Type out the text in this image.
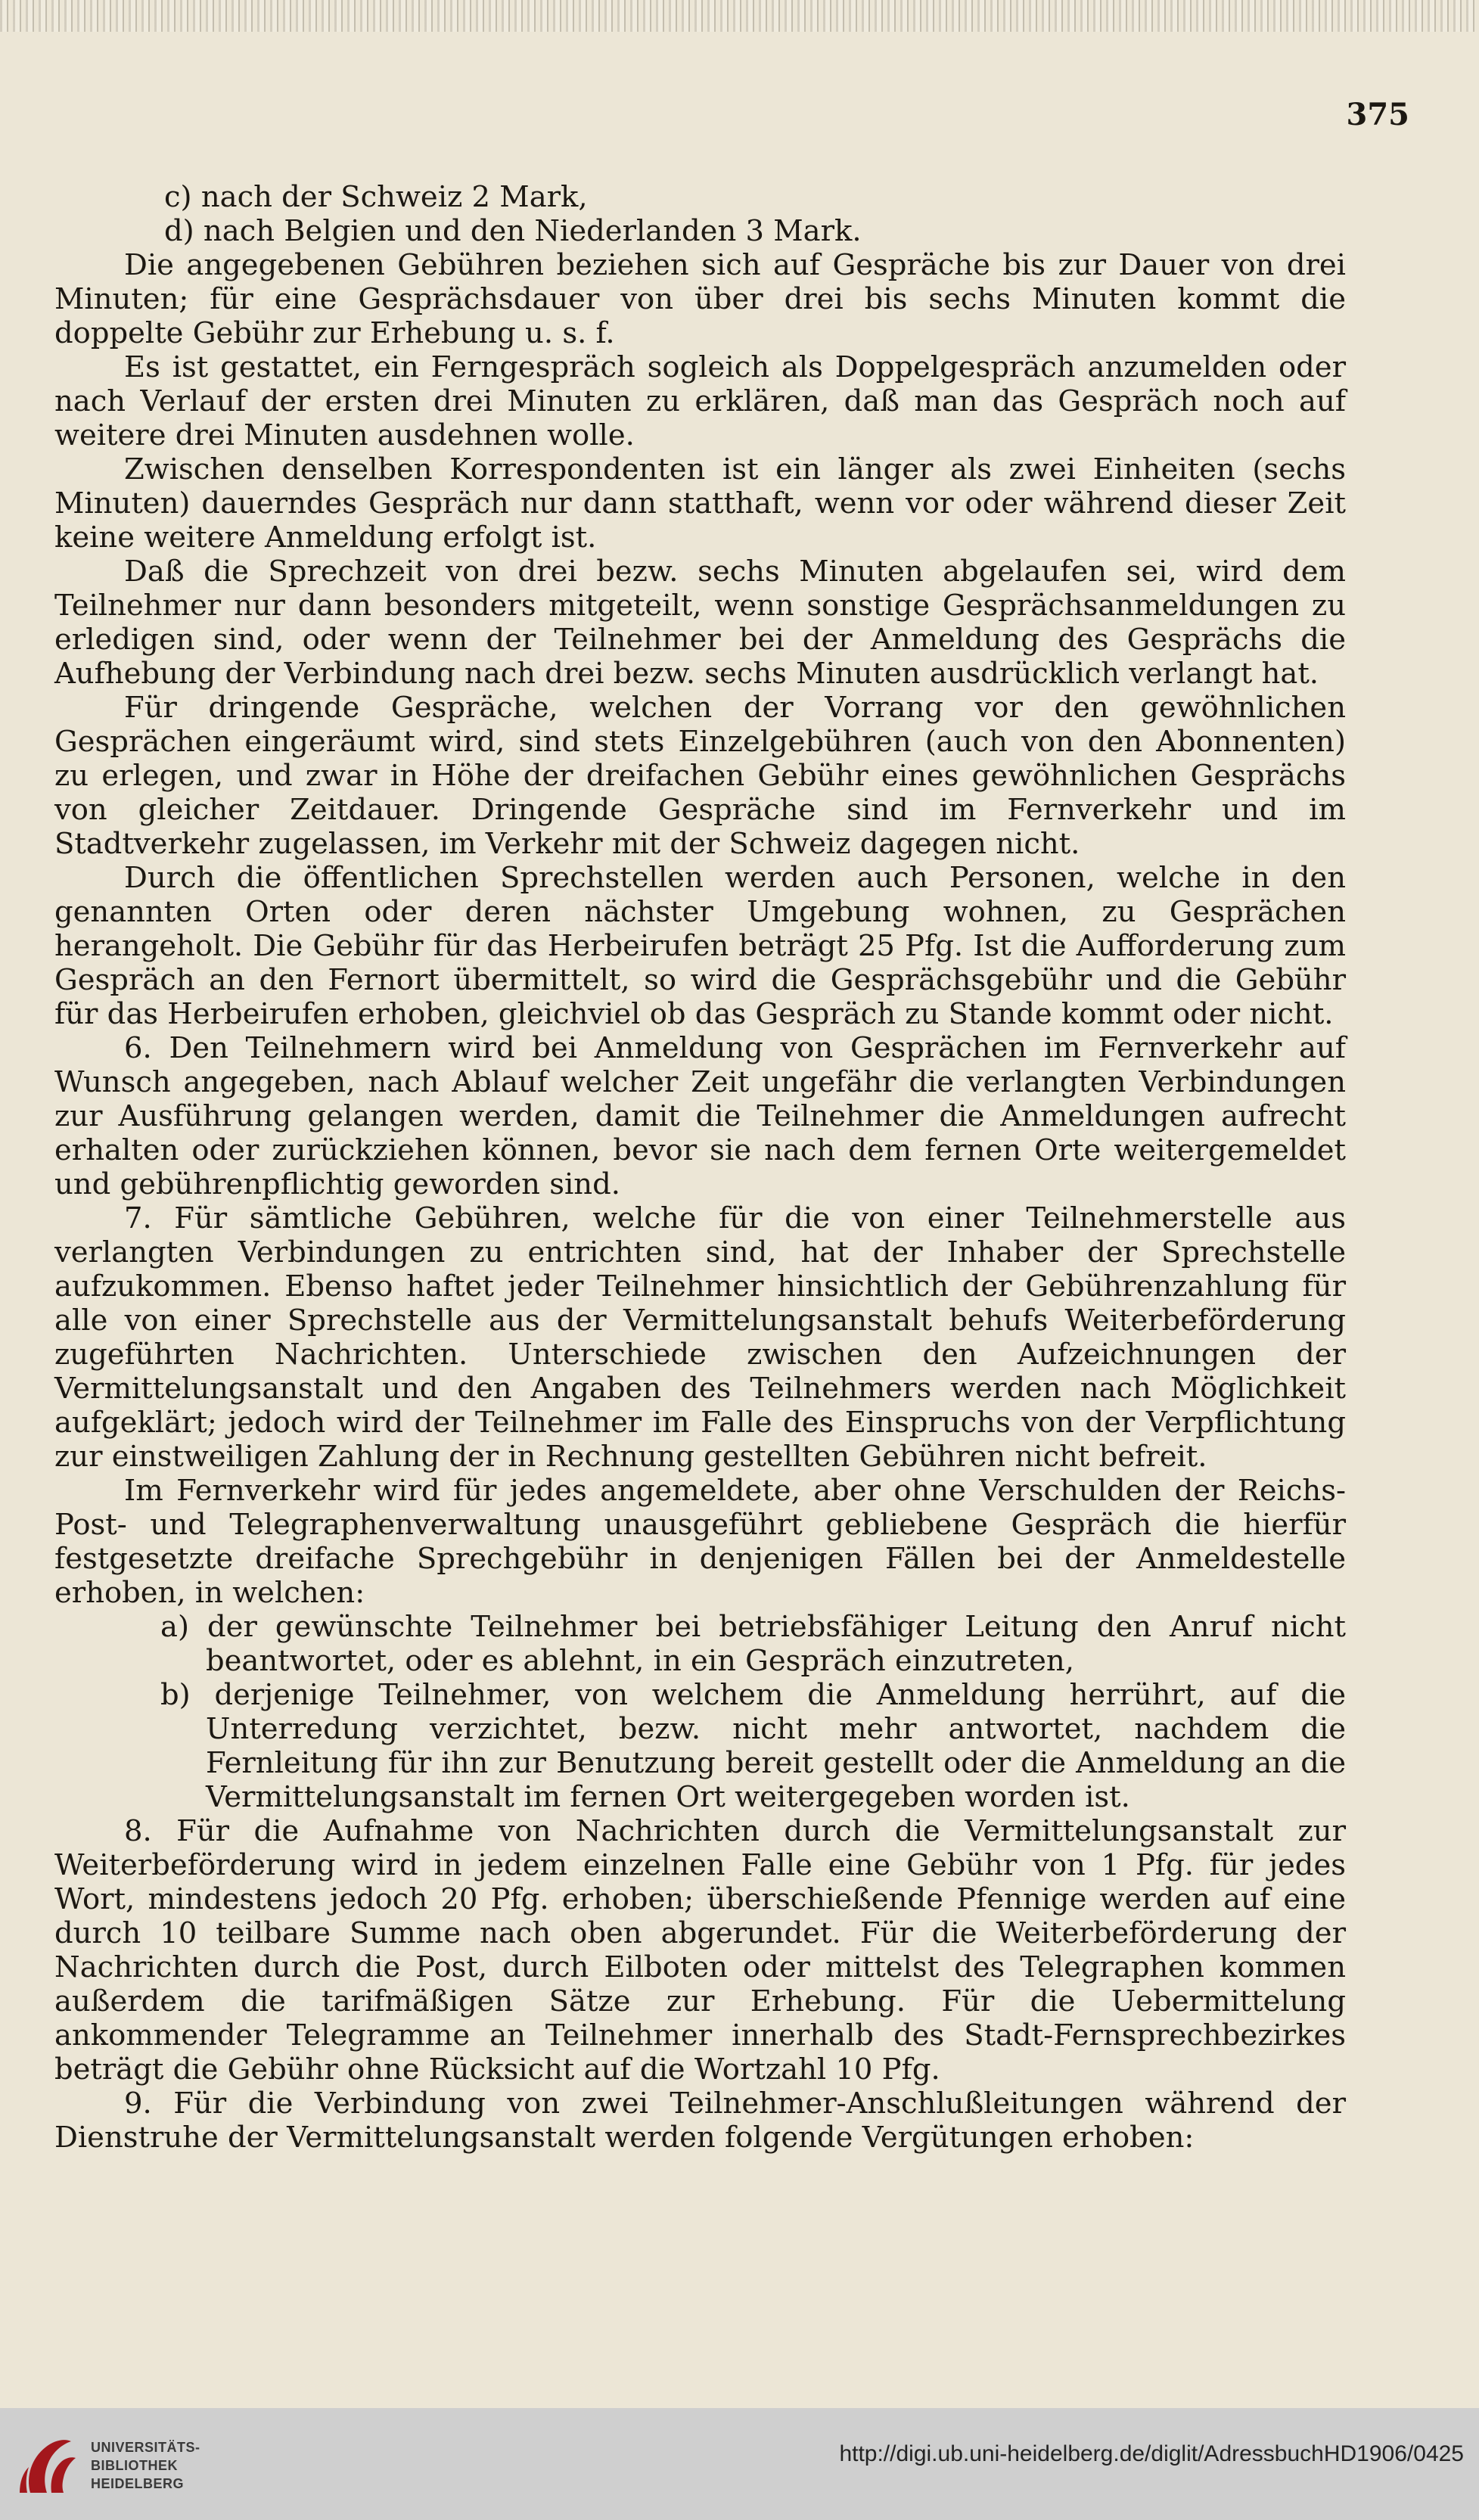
375

c) nach der Schweiz 2 Mark,

d) nach Belgien und den Niederlanden 3 Mark.

Die angegebenen Gebühren beziehen sich auf Gespräche bis zur Dauer von drei Minuten; für eine Gesprächsdauer von über drei bis sechs Minuten kommt die doppelte Gebühr zur Erhebung u. s. f.

Es ist gestattet, ein Ferngespräch sogleich als Doppelgespräch anzumelden oder nach Verlauf der ersten drei Minuten zu erklären, daß man das Gespräch noch auf weitere drei Minuten ausdehnen wolle.

Zwischen denselben Korrespondenten ist ein länger als zwei Einheiten (sechs Minuten) dauerndes Gespräch nur dann statthaft, wenn vor oder während dieser Zeit keine weitere Anmeldung erfolgt ist.

Daß die Sprechzeit von drei bezw. sechs Minuten abgelaufen sei, wird dem Teilnehmer nur dann besonders mitgeteilt, wenn sonstige Gesprächsanmeldungen zu erledigen sind, oder wenn der Teilnehmer bei der Anmeldung des Gesprächs die Aufhebung der Verbindung nach drei bezw. sechs Minuten ausdrücklich verlangt hat.

Für dringende Gespräche, welchen der Vorrang vor den gewöhnlichen Gesprächen eingeräumt wird, sind stets Einzelgebühren (auch von den Abonnenten) zu erlegen, und zwar in Höhe der dreifachen Gebühr eines gewöhnlichen Gesprächs von gleicher Zeitdauer. Dringende Gespräche sind im Fernverkehr und im Stadtverkehr zugelassen, im Verkehr mit der Schweiz dagegen nicht.

Durch die öffentlichen Sprechstellen werden auch Personen, welche in den genannten Orten oder deren nächster Umgebung wohnen, zu Gesprächen herangeholt. Die Gebühr für das Herbeirufen beträgt 25 Pfg. Ist die Aufforderung zum Gespräch an den Fernort übermittelt, so wird die Gesprächsgebühr und die Gebühr für das Herbeirufen erhoben, gleichviel ob das Gespräch zu Stande kommt oder nicht.

6. Den Teilnehmern wird bei Anmeldung von Gesprächen im Fernverkehr auf Wunsch angegeben, nach Ablauf welcher Zeit ungefähr die verlangten Verbindungen zur Ausführung gelangen werden, damit die Teilnehmer die Anmeldungen aufrecht erhalten oder zurückziehen können, bevor sie nach dem fernen Orte weitergemeldet und gebührenpflichtig geworden sind.

7. Für sämtliche Gebühren, welche für die von einer Teilnehmerstelle aus verlangten Verbindungen zu entrichten sind, hat der Inhaber der Sprechstelle aufzukommen. Ebenso haftet jeder Teilnehmer hinsichtlich der Gebührenzahlung für alle von einer Sprechstelle aus der Vermittelungsanstalt behufs Weiterbeförderung zugeführten Nachrichten. Unterschiede zwischen den Aufzeichnungen der Vermittelungsanstalt und den Angaben des Teilnehmers werden nach Möglichkeit aufgeklärt; jedoch wird der Teilnehmer im Falle des Einspruchs von der Verpflichtung zur einstweiligen Zahlung der in Rechnung gestellten Gebühren nicht befreit.

Im Fernverkehr wird für jedes angemeldete, aber ohne Verschulden der Reichs-Post- und Telegraphenverwaltung unausgeführt gebliebene Gespräch die hierfür festgesetzte dreifache Sprechgebühr in denjenigen Fällen bei der Anmeldestelle erhoben, in welchen:

a) der gewünschte Teilnehmer bei betriebsfähiger Leitung den Anruf nicht beantwortet, oder es ablehnt, in ein Gespräch einzutreten,

b) derjenige Teilnehmer, von welchem die Anmeldung herrührt, auf die Unterredung verzichtet, bezw. nicht mehr antwortet, nachdem die Fernleitung für ihn zur Benutzung bereit gestellt oder die Anmeldung an die Vermittelungsanstalt im fernen Ort weitergegeben worden ist.

8. Für die Aufnahme von Nachrichten durch die Vermittelungsanstalt zur Weiterbeförderung wird in jedem einzelnen Falle eine Gebühr von 1 Pfg. für jedes Wort, mindestens jedoch 20 Pfg. erhoben; überschießende Pfennige werden auf eine durch 10 teilbare Summe nach oben abgerundet. Für die Weiterbeförderung der Nachrichten durch die Post, durch Eilboten oder mittelst des Telegraphen kommen außerdem die tarifmäßigen Sätze zur Erhebung. Für die Uebermittelung ankommender Telegramme an Teilnehmer innerhalb des Stadt-Fernsprechbezirkes beträgt die Gebühr ohne Rücksicht auf die Wortzahl 10 Pfg.

9. Für die Verbindung von zwei Teilnehmer-Anschlußleitungen während der Dienstruhe der Vermittelungsanstalt werden folgende Vergütungen erhoben:

UNIVERSITÄTS-
BIBLIOTHEK
HEIDELBERG
http://digi.ub.uni-heidelberg.de/diglit/AdressbuchHD1906/0425
